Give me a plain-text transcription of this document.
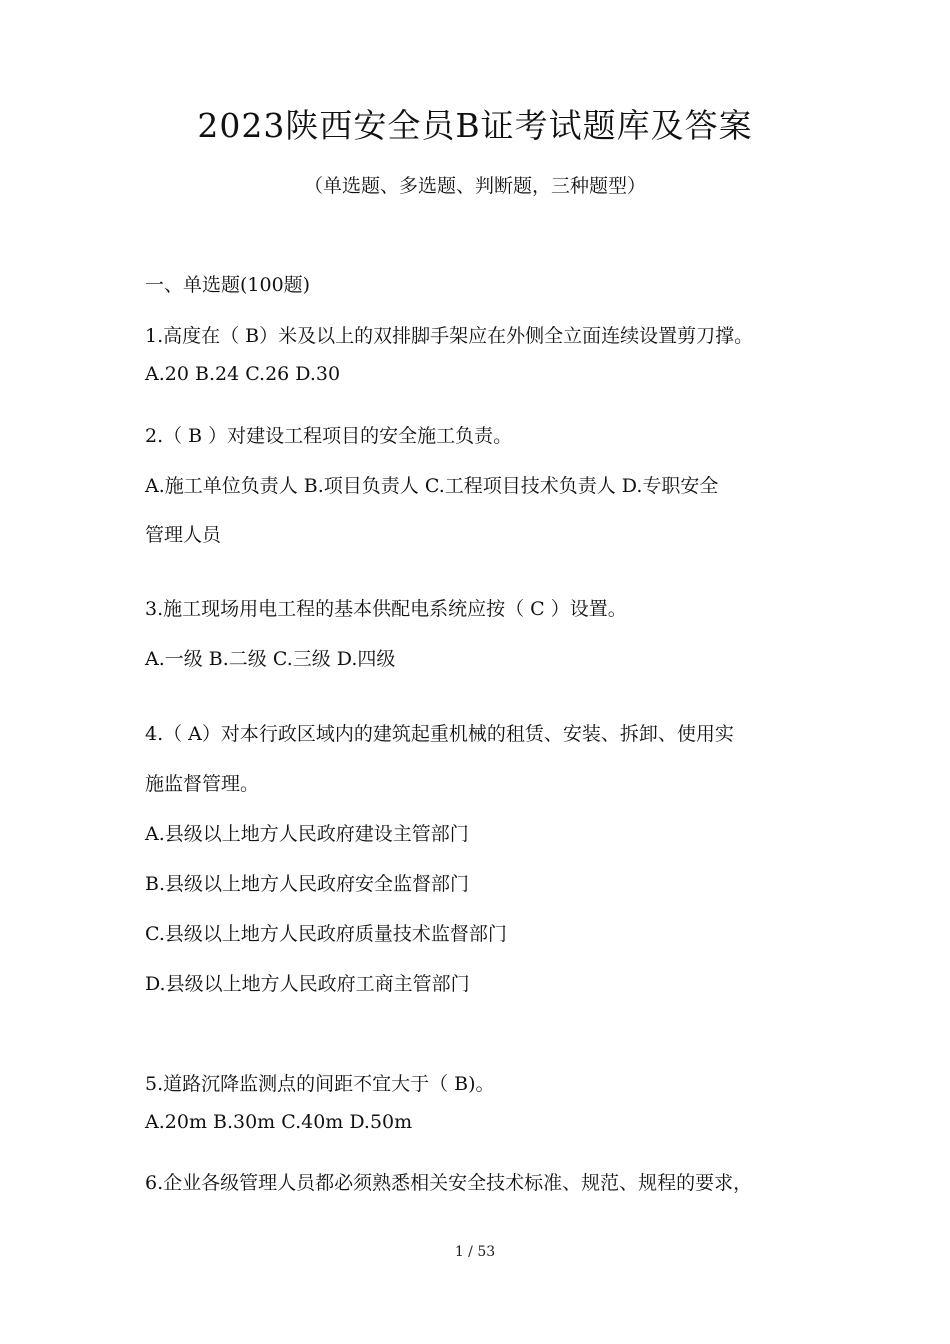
2023陕西安全员B证考试题库及答案
（单选题、多选题、判断题，三种题型）
一、单选题(100题)
1.高度在（ B）米及以上的双排脚手架应在外侧全立面连续设置剪刀撑。
A.20 B.24 C.26 D.30
2.（ B ）对建设工程项目的安全施工负责。
A.施工单位负责人 B.项目负责人 C.工程项目技术负责人 D.专职安全
管理人员
3.施工现场用电工程的基本供配电系统应按（ C ）设置。
A.一级 B.二级 C.三级 D.四级
4.（ A）对本行政区域内的建筑起重机械的租赁、安装、拆卸、使用实
施监督管理。
A.县级以上地方人民政府建设主管部门
B.县级以上地方人民政府安全监督部门
C.县级以上地方人民政府质量技术监督部门
D.县级以上地方人民政府工商主管部门
5.道路沉降监测点的间距不宜大于（ B)。
A.20m B.30m C.40m D.50m
6.企业各级管理人员都必须熟悉相关安全技术标准、规范、规程的要求，
1 / 53
